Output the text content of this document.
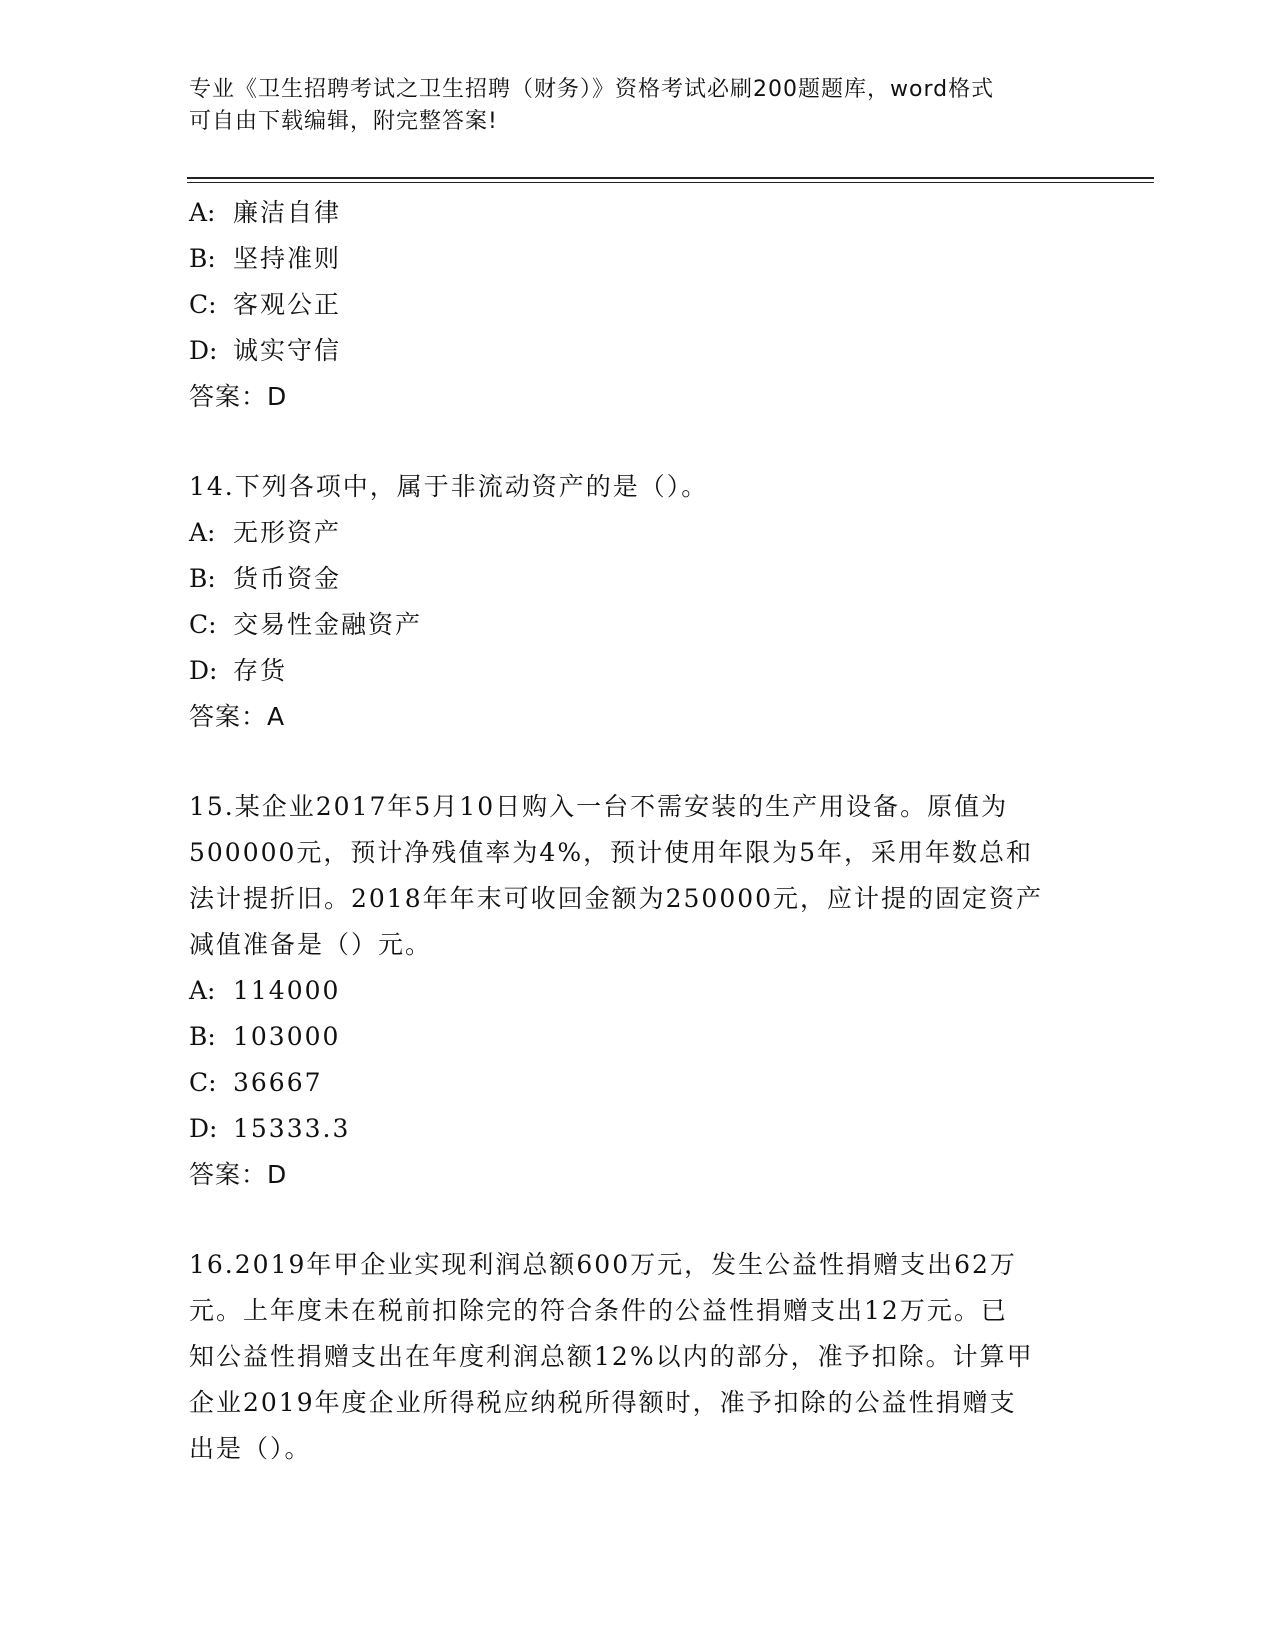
专业《卫生招聘考试之卫生招聘（财务）》资格考试必刷200题题库，word格式
可自由下载编辑，附完整答案!
A: 廉洁自律
B: 坚持准则
C: 客观公正
D: 诚实守信
答案：D
14.下列各项中，属于非流动资产的是（）。
A: 无形资产
B: 货币资金
C: 交易性金融资产
D: 存货
答案：A
15.某企业2017年5月10日购入一台不需安装的生产用设备。原值为
500000元，预计净残值率为4%，预计使用年限为5年，采用年数总和
法计提折旧。2018年年末可收回金额为250000元，应计提的固定资产
减值准备是（）元。
A: 114000
B: 103000
C: 36667
D: 15333.3
答案：D
16.2019年甲企业实现利润总额600万元，发生公益性捐赠支出62万
元。上年度未在税前扣除完的符合条件的公益性捐赠支出12万元。已
知公益性捐赠支出在年度利润总额12%以内的部分，准予扣除。计算甲
企业2019年度企业所得税应纳税所得额时，准予扣除的公益性捐赠支
出是（）。
